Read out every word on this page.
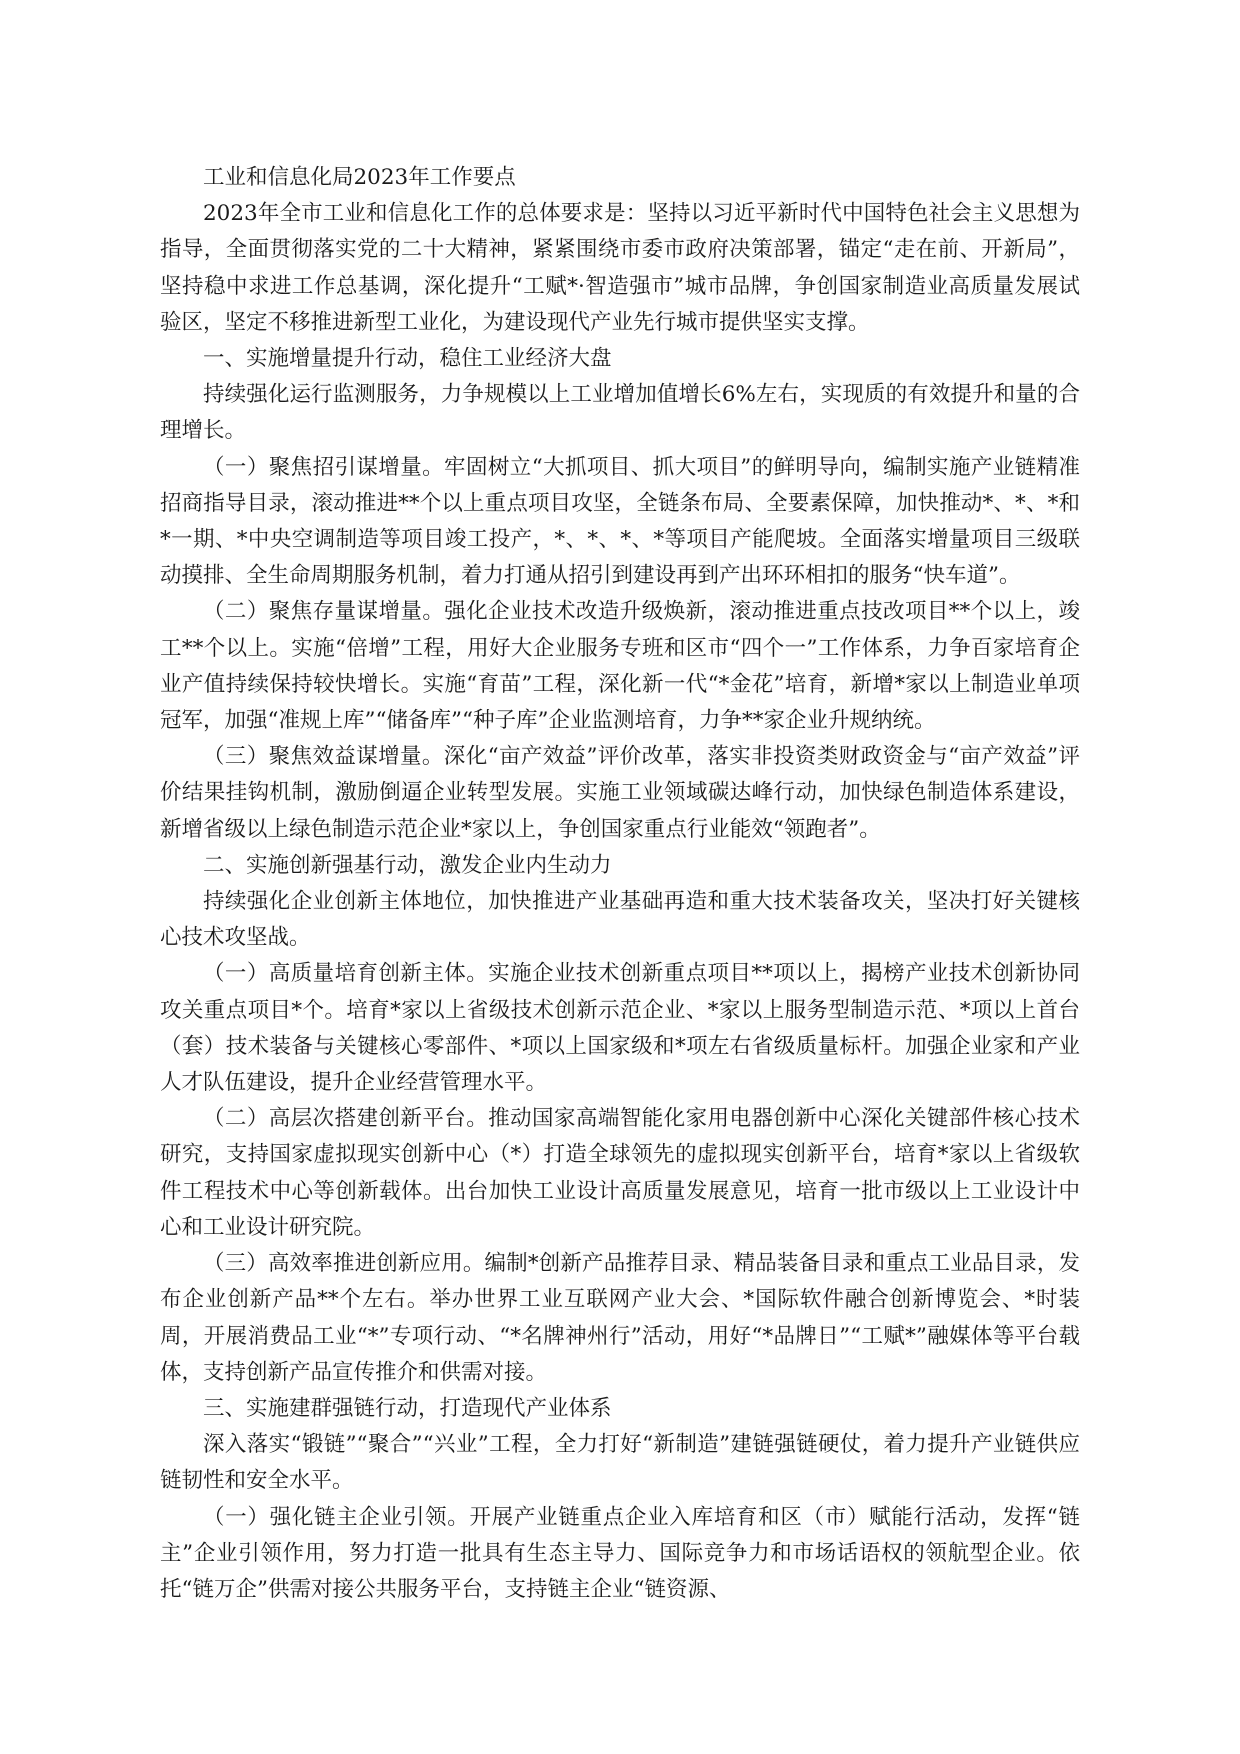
工业和信息化局2023年工作要点

2023年全市工业和信息化工作的总体要求是：坚持以习近平新时代中国特色社会主义思想为指导，全面贯彻落实党的二十大精神，紧紧围绕市委市政府决策部署，锚定“走在前、开新局”，坚持稳中求进工作总基调，深化提升“工赋*·智造强市”城市品牌，争创国家制造业高质量发展试验区，坚定不移推进新型工业化，为建设现代产业先行城市提供坚实支撑。

一、实施增量提升行动，稳住工业经济大盘

持续强化运行监测服务，力争规模以上工业增加值增长6%左右，实现质的有效提升和量的合理增长。

（一）聚焦招引谋增量。牢固树立“大抓项目、抓大项目”的鲜明导向，编制实施产业链精准招商指导目录，滚动推进**个以上重点项目攻坚，全链条布局、全要素保障，加快推动*、*、*和*一期、*中央空调制造等项目竣工投产，*、*、*、*等项目产能爬坡。全面落实增量项目三级联动摸排、全生命周期服务机制，着力打通从招引到建设再到产出环环相扣的服务“快车道”。

（二）聚焦存量谋增量。强化企业技术改造升级焕新，滚动推进重点技改项目**个以上，竣工**个以上。实施“倍增”工程，用好大企业服务专班和区市“四个一”工作体系，力争百家培育企业产值持续保持较快增长。实施“育苗”工程，深化新一代“*金花”培育，新增*家以上制造业单项冠军，加强“准规上库”“储备库”“种子库”企业监测培育，力争**家企业升规纳统。

（三）聚焦效益谋增量。深化“亩产效益”评价改革，落实非投资类财政资金与“亩产效益”评价结果挂钩机制，激励倒逼企业转型发展。实施工业领域碳达峰行动，加快绿色制造体系建设，新增省级以上绿色制造示范企业*家以上，争创国家重点行业能效“领跑者”。

二、实施创新强基行动，激发企业内生动力

持续强化企业创新主体地位，加快推进产业基础再造和重大技术装备攻关，坚决打好关键核心技术攻坚战。

（一）高质量培育创新主体。实施企业技术创新重点项目**项以上，揭榜产业技术创新协同攻关重点项目*个。培育*家以上省级技术创新示范企业、*家以上服务型制造示范、*项以上首台（套）技术装备与关键核心零部件、*项以上国家级和*项左右省级质量标杆。加强企业家和产业人才队伍建设，提升企业经营管理水平。

（二）高层次搭建创新平台。推动国家高端智能化家用电器创新中心深化关键部件核心技术研究，支持国家虚拟现实创新中心（*）打造全球领先的虚拟现实创新平台，培育*家以上省级软件工程技术中心等创新载体。出台加快工业设计高质量发展意见，培育一批市级以上工业设计中心和工业设计研究院。

（三）高效率推进创新应用。编制*创新产品推荐目录、精品装备目录和重点工业品目录，发布企业创新产品**个左右。举办世界工业互联网产业大会、*国际软件融合创新博览会、*时装周，开展消费品工业“*”专项行动、“*名牌神州行”活动，用好“*品牌日”“工赋*”融媒体等平台载体，支持创新产品宣传推介和供需对接。

三、实施建群强链行动，打造现代产业体系

深入落实“锻链”“聚合”“兴业”工程，全力打好“新制造”建链强链硬仗，着力提升产业链供应链韧性和安全水平。

（一）强化链主企业引领。开展产业链重点企业入库培育和区（市）赋能行活动，发挥“链主”企业引领作用，努力打造一批具有生态主导力、国际竞争力和市场话语权的领航型企业。依托“链万企”供需对接公共服务平台，支持链主企业“链资源、
